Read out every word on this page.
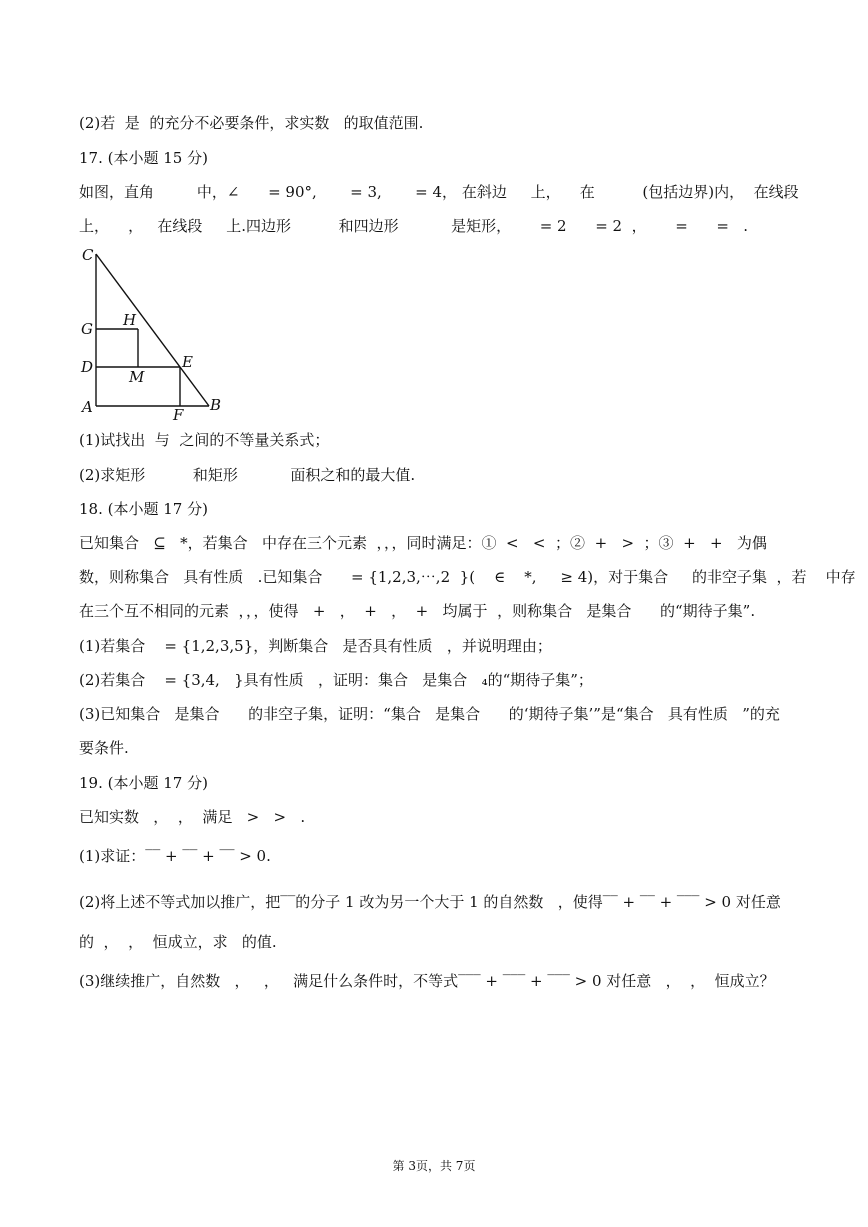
(2)若  是  的充分不必要条件，求实数   的取值范围.
17. (本小题 15 分)
如图，直角         中，∠      = 90°,       = 3,       = 4， 在斜边     上，    在          (包括边界)内，  在线段
上，    ，   在线段     上.四边形          和四边形           是矩形，      = 2      = 2  ，      =      =   .
C
G H
D	E
M
A	F
B
(1)试找出  与  之间的不等量关系式；
(2)求矩形          和矩形           面积之和的最大值.
18. (本小题 17 分)
已知集合   ⊆   *，若集合   中存在三个元素  ，，，同时满足：①  <   <  ；②  +   >  ；③  +   +   为偶
数，则称集合   具有性质   .已知集合      = {1,2,3,⋯,2  }(    ∈    *,     ≥ 4)，对于集合     的非空子集  ，若    中存
在三个互不相同的元素  ，，，使得   +   ，  +   ，  +   均属于  ，则称集合   是集合      的“期待子集”.
(1)若集合    = {1,2,3,5}，判断集合   是否具有性质   ，并说明理由；
(2)若集合    = {3,4,   }具有性质   ，证明：集合   是集合   ₄的“期待子集”；
(3)已知集合   是集合      的非空子集，证明：“集合   是集合      的‘期待子集’”是“集合   具有性质   ”的充
要条件.
19. (本小题 17 分)
已知实数   ，  ，  满足   >   >   .
(1)求证：‾‾ + ‾‾ + ‾‾ > 0.
(2)将上述不等式加以推广，把‾‾的分子 1 改为另一个大于 1 的自然数   ，使得‾‾ + ‾‾ + ‾‾‾ > 0 对任意
的  ，  ，  恒成立，求   的值.
(3)继续推广，自然数   ，   ，   满足什么条件时，不等式‾‾‾ + ‾‾‾ + ‾‾‾ > 0 对任意   ，  ，  恒成立？
第 3页，共 7页
